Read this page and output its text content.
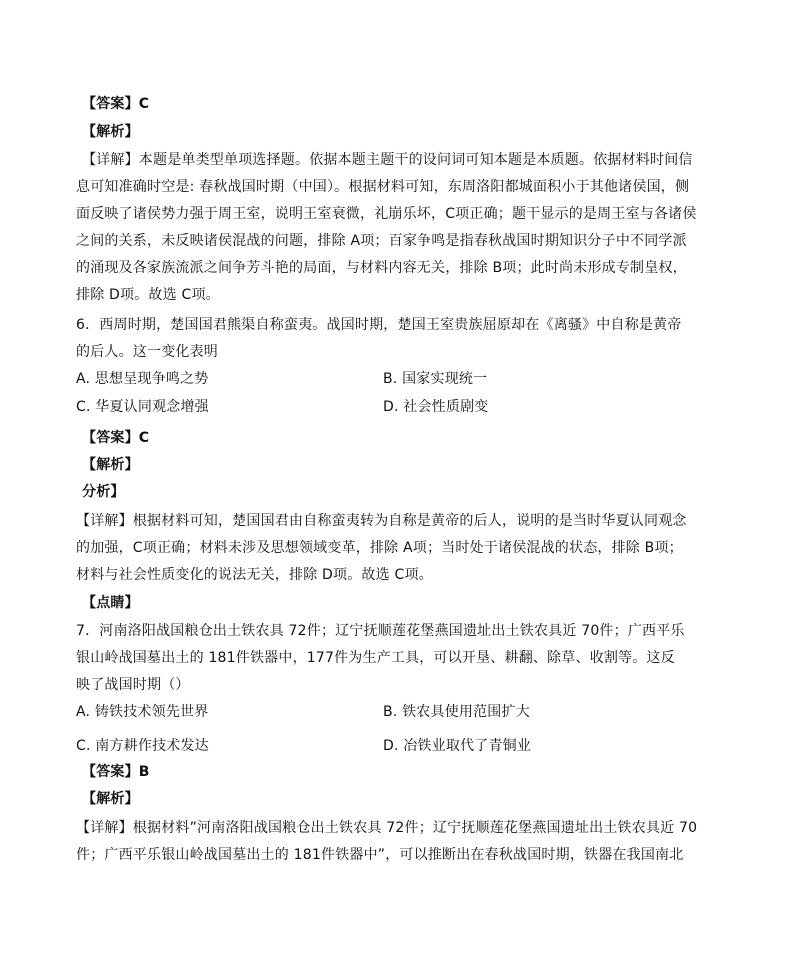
【答案】C
【解析】
【详解】本题是单类型单项选择题。依据本题主题干的设问词可知本题是本质题。依据材料时间信
息可知准确时空是: 春秋战国时期（中国）。根据材料可知，东周洛阳都城面积小于其他诸侯国，侧
面反映了诸侯势力强于周王室，说明王室衰微，礼崩乐坏，C项正确；题干显示的是周王室与各诸侯
之间的关系，未反映诸侯混战的问题，排除 A项；百家争鸣是指春秋战国时期知识分子中不同学派
的涌现及各家族流派之间争芳斗艳的局面，与材料内容无关，排除 B项；此时尚未形成专制皇权，
排除 D项。故选 C项。
6．西周时期，楚国国君熊渠自称蛮夷。战国时期，楚国王室贵族屈原却在《离骚》中自称是黄帝
的后人。这一变化表明
A. 思想呈现争鸣之势	B. 国家实现统一
C. 华夏认同观念增强	D. 社会性质剧变
【答案】C
【解析】
分析】
【详解】根据材料可知，楚国国君由自称蛮夷转为自称是黄帝的后人，说明的是当时华夏认同观念
的加强，C项正确；材料未涉及思想领域变革，排除 A项；当时处于诸侯混战的状态，排除 B项；
材料与社会性质变化的说法无关，排除 D项。故选 C项。
【点睛】
7．河南洛阳战国粮仓出土铁农具 72件；辽宁抚顺莲花堡燕国遗址出土铁农具近 70件；广西平乐
银山岭战国墓出土的 181件铁器中，177件为生产工具，可以开垦、耕翻、除草、收割等。这反
映了战国时期（）
A. 铸铁技术领先世界	B. 铁农具使用范围扩大
C. 南方耕作技术发达	D. 冶铁业取代了青铜业
【答案】B
【解析】
【详解】根据材料”河南洛阳战国粮仓出土铁农具 72件；辽宁抚顺莲花堡燕国遗址出土铁农具近 70
件；广西平乐银山岭战国墓出土的 181件铁器中”，可以推断出在春秋战国时期，铁器在我国南北
